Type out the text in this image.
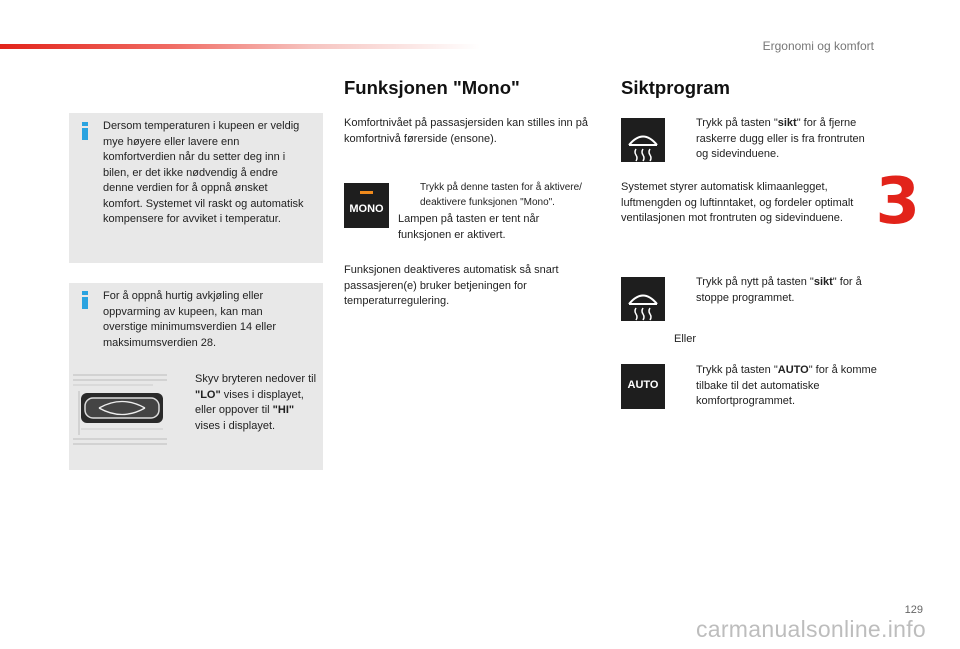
Ergonomi og komfort
Dersom temperaturen i kupeen er veldig mye høyere eller lavere enn komfortverdien når du setter deg inn i bilen, er det ikke nødvendig å endre denne verdien for å oppnå ønsket komfort. Systemet vil raskt og automatisk kompensere for avviket i temperatur.
For å oppnå hurtig avkjøling eller oppvarming av kupeen, kan man overstige minimumsverdien 14 eller maksimumsverdien 28.
Skyv bryteren nedover til "LO" vises i displayet, eller oppover til "HI" vises i displayet.
Funksjonen "Mono"
Komfortnivået på passasjersiden kan stilles inn på komfortnivå førerside (ensone).
MONO
Trykk på denne tasten for å aktivere/ deaktivere funksjonen "Mono".
Lampen på tasten er tent når funksjonen er aktivert.
Funksjonen deaktiveres automatisk så snart passasjeren(e) bruker betjeningen for temperaturregulering.
Siktprogram
Trykk på tasten "sikt" for å fjerne raskerre dugg eller is fra frontruten og sidevinduene.
Systemet styrer automatisk klimaanlegget, luftmengden og luftinntaket, og fordeler optimalt ventilasjonen mot frontruten og sidevinduene.
Trykk på nytt på tasten "sikt" for å stoppe programmet.
Eller
AUTO
Trykk på tasten "AUTO" for å komme tilbake til det automatiske komfortprogrammet.
3
129
carmanualsonline.info
